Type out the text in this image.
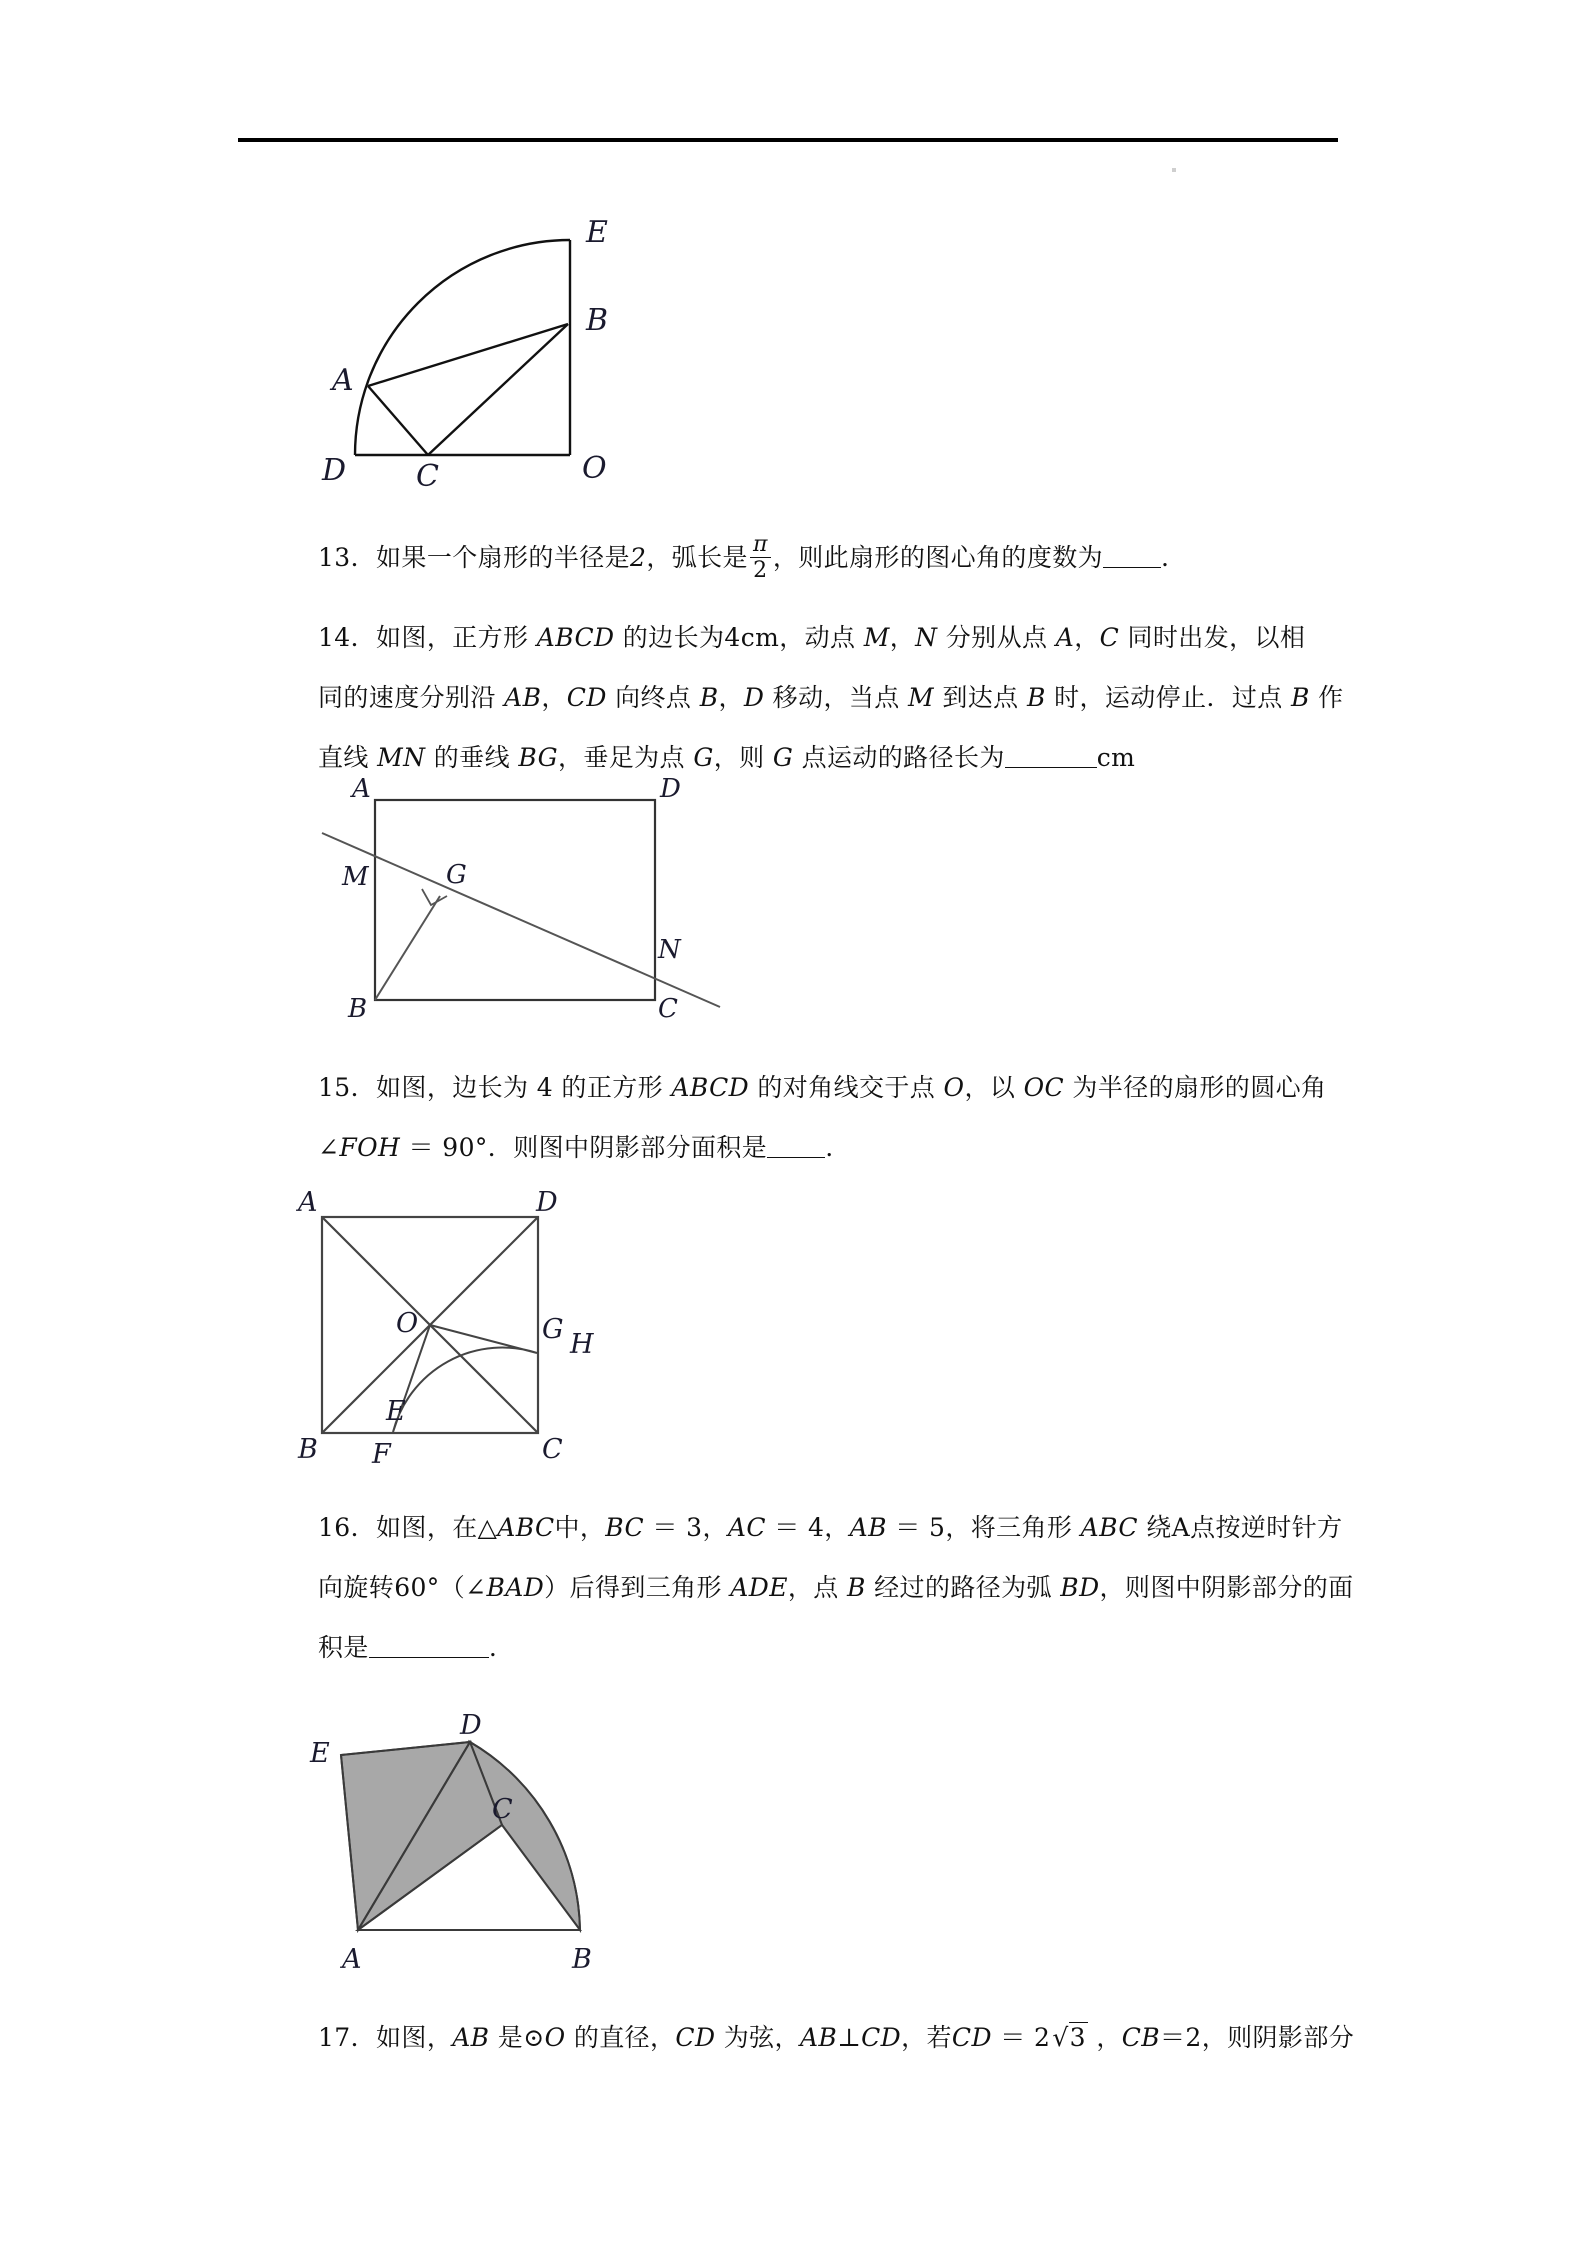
E
B
A
D C	O
13．如果一个扇形的半径是2，弧长是 $\frac{\pi}{2}$ ，则此扇形的图心角的度数为 .
14．如图，正方形 ABCD 的边长为4cm，动点 M，N 分别从点 A，C 同时出发，以相
同的速度分别沿 AB，CD 向终点 B，D 移动，当点 M 到达点 B 时，运动停止．过点 B 作
直线 MN 的垂线 BG，垂足为点 G，则 G 点运动的路径长为	cm
A	D
M	G
N
B	C
15．如图，边长为 4 的正方形 ABCD 的对角线交于点 O，以 OC 为半径的扇形的圆心角
∠FOH ＝ 90°．则图中阴影部分面积是 .
A	D
O	G H
E
B	C
F
16．如图，在△ABC中，BC ＝ 3，AC ＝ 4，AB ＝ 5，将三角形 ABC 绕A点按逆时针方
向旋转60°（∠BAD）后得到三角形 ADE，点 B 经过的路径为弧 BD，则图中阴影部分的面
积是	.
D
E
C
A	B
17．如图，AB 是⊙O 的直径，CD 为弦，AB⊥CD，若CD ＝ 2√3 ，CB＝2，则阴影部分
